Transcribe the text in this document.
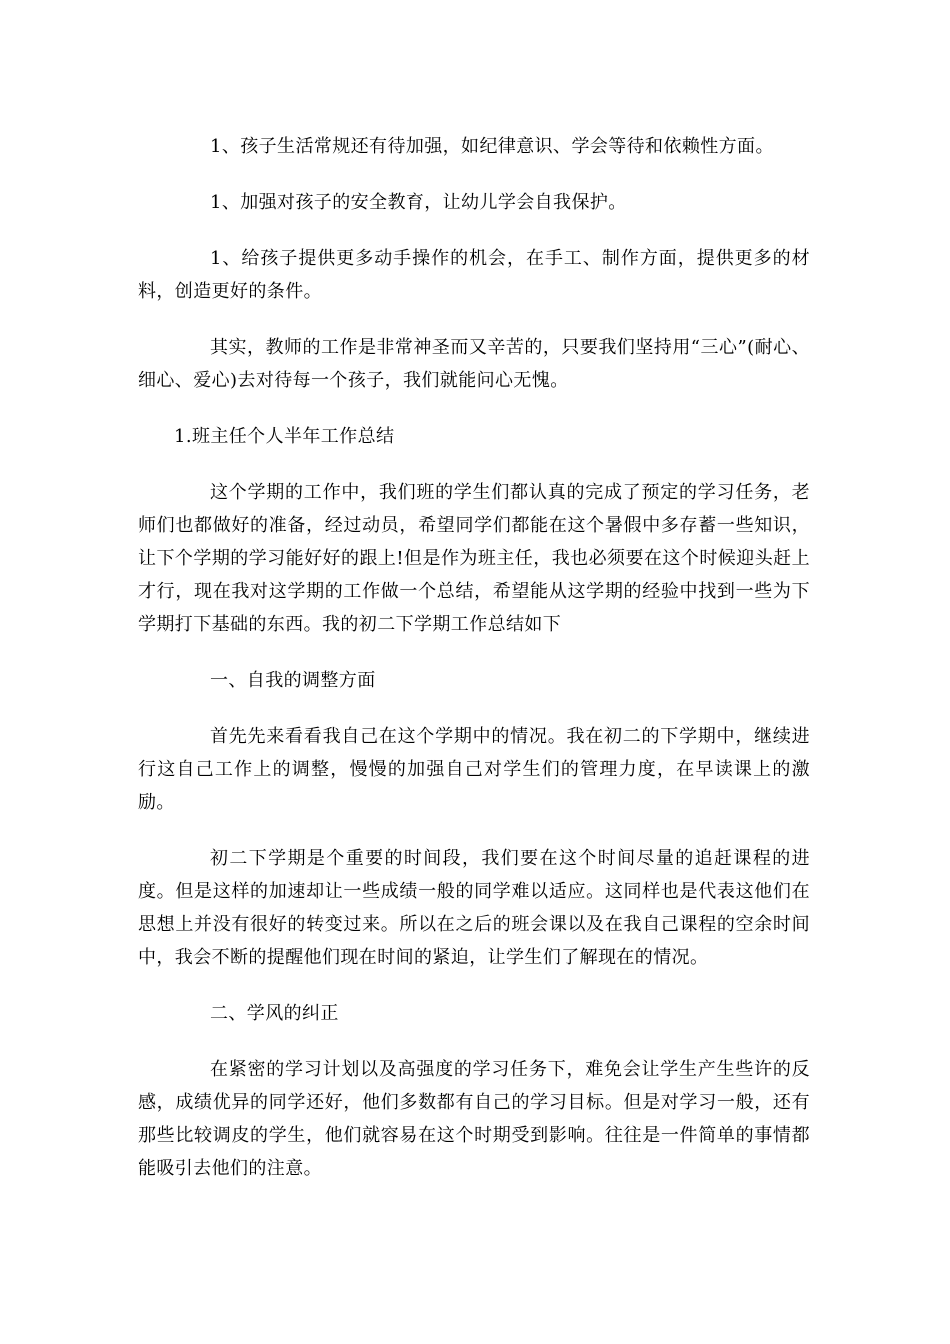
1、孩子生活常规还有待加强，如纪律意识、学会等待和依赖性方面。

1、加强对孩子的安全教育，让幼儿学会自我保护。

1、给孩子提供更多动手操作的机会，在手工、制作方面，提供更多的材料，创造更好的条件。

其实，教师的工作是非常神圣而又辛苦的，只要我们坚持用“三心”(耐心、细心、爱心)去对待每一个孩子，我们就能问心无愧。

1.班主任个人半年工作总结

这个学期的工作中，我们班的学生们都认真的完成了预定的学习任务，老师们也都做好的准备，经过动员，希望同学们都能在这个暑假中多存蓄一些知识，让下个学期的学习能好好的跟上!但是作为班主任，我也必须要在这个时候迎头赶上才行，现在我对这学期的工作做一个总结，希望能从这学期的经验中找到一些为下学期打下基础的东西。我的初二下学期工作总结如下

一、自我的调整方面

首先先来看看我自己在这个学期中的情况。我在初二的下学期中，继续进行这自己工作上的调整，慢慢的加强自己对学生们的管理力度，在早读课上的激励。

初二下学期是个重要的时间段，我们要在这个时间尽量的追赶课程的进度。但是这样的加速却让一些成绩一般的同学难以适应。这同样也是代表这他们在思想上并没有很好的转变过来。所以在之后的班会课以及在我自己课程的空余时间中，我会不断的提醒他们现在时间的紧迫，让学生们了解现在的情况。

二、学风的纠正

在紧密的学习计划以及高强度的学习任务下，难免会让学生产生些许的反感，成绩优异的同学还好，他们多数都有自己的学习目标。但是对学习一般，还有那些比较调皮的学生，他们就容易在这个时期受到影响。往往是一件简单的事情都能吸引去他们的注意。
